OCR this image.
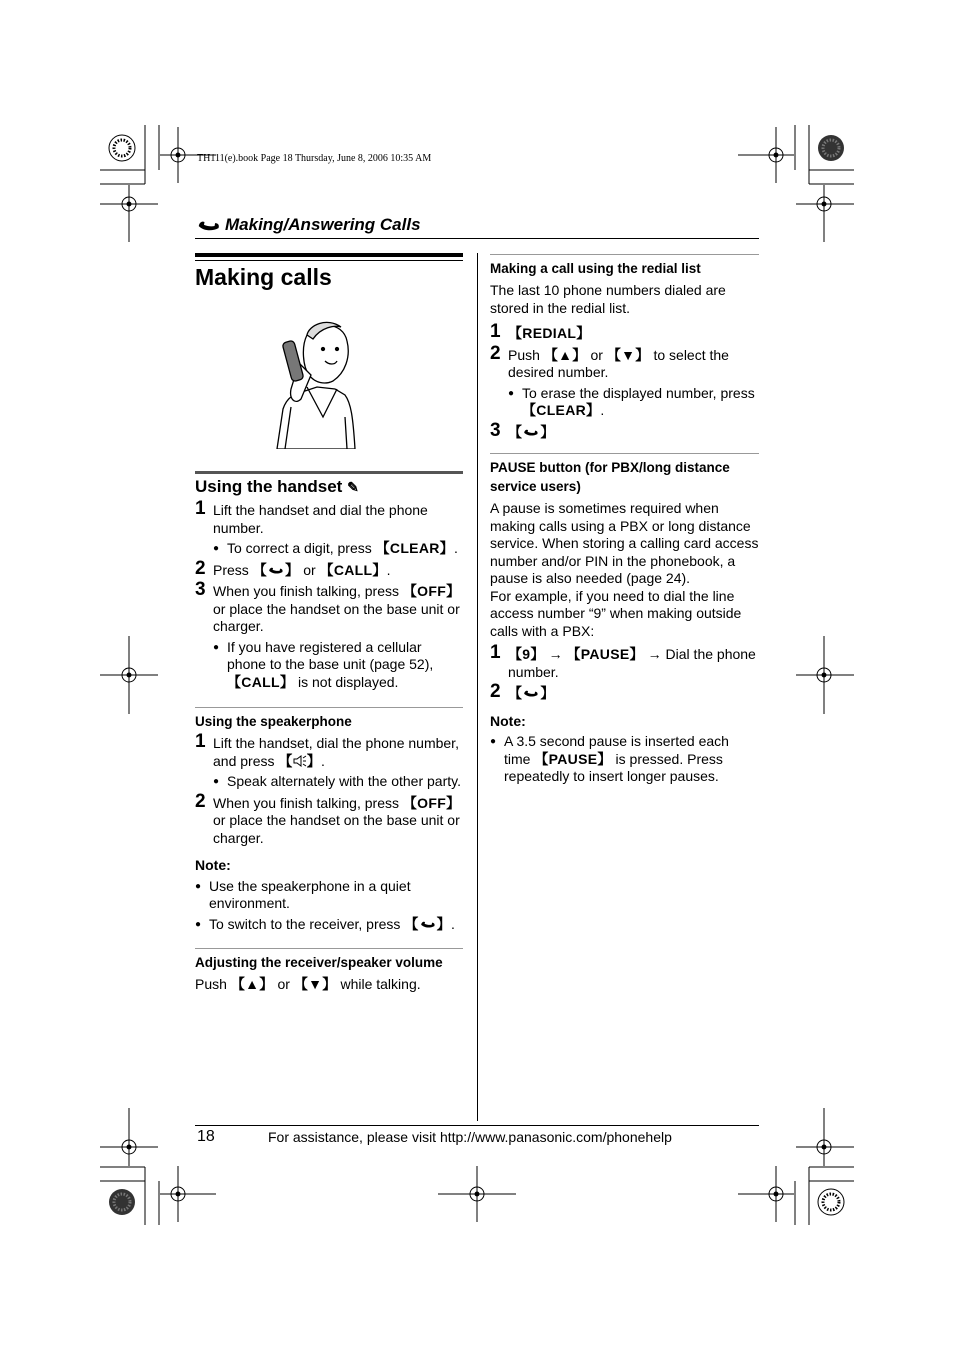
TH111(e).book Page 18 Thursday, June 8, 2006 10:35 AM
Making/Answering Calls
Making calls
Using the handset ✎
1 Lift the handset and dial the phone number.
● To correct a digit, press 【CLEAR】.
2 Press 【 】 or 【CALL】.
3 When you finish talking, press 【OFF】 or place the handset on the base unit or charger.
● If you have registered a cellular phone to the base unit (page 52), 【CALL】 is not displayed.
Using the speakerphone
1 Lift the handset, dial the phone number, and press 【 】.
● Speak alternately with the other party.
2 When you finish talking, press 【OFF】 or place the handset on the base unit or charger.
Note:
● Use the speakerphone in a quiet environment.
● To switch to the receiver, press 【 】.
Adjusting the receiver/speaker volume

Push 【▲】 or 【▼】 while talking.

Making a call using the redial list

The last 10 phone numbers dialed are stored in the redial list.

1 【REDIAL】
2 Push 【▲】 or 【▼】 to select the desired number.
● To erase the displayed number, press 【CLEAR】.
3 【 】
PAUSE button (for PBX/long distance service users)

A pause is sometimes required when making calls using a PBX or long distance service. When storing a calling card access number and/or PIN in the phonebook, a pause is also needed (page 24).

For example, if you need to dial the line access number “9” when making outside calls with a PBX:

1 【9】 → 【PAUSE】 → Dial the phone number.
2 【 】
Note:
● A 3.5 second pause is inserted each time 【PAUSE】 is pressed. Press repeatedly to insert longer pauses.
18	For assistance, please visit http://www.panasonic.com/phonehelp
